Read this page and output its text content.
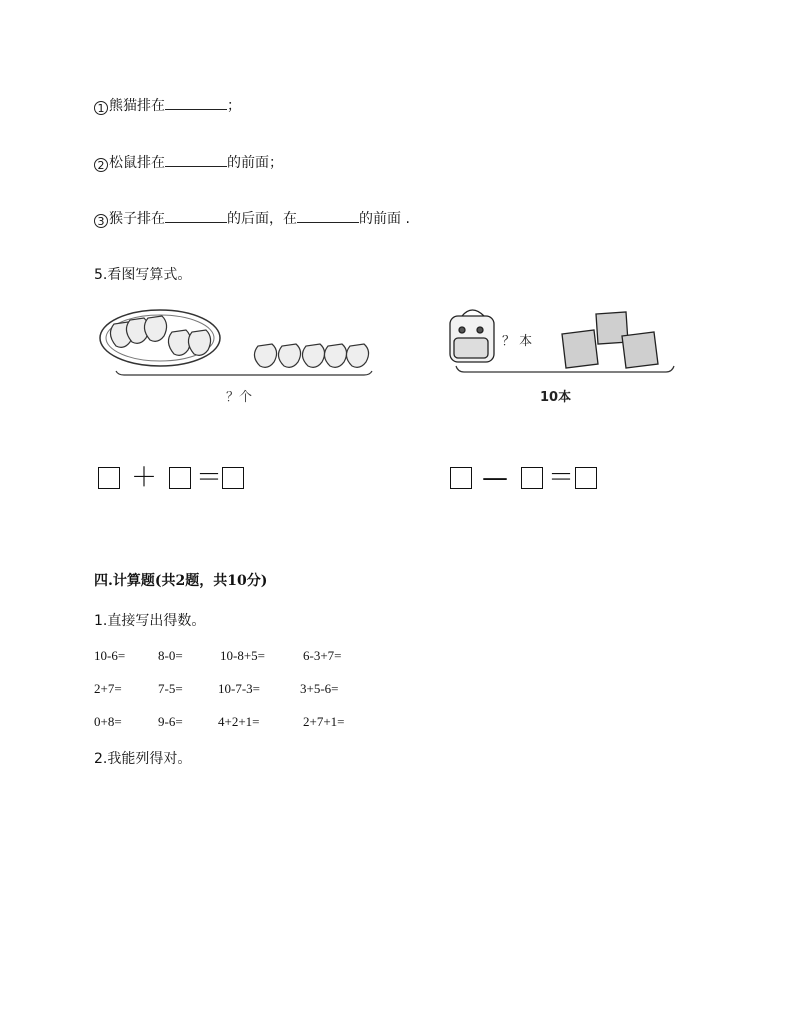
1 熊猫排在	；
2 松鼠排在	的前面；
3 猴子排在	的后面，在	的前面 .
5.看图写算式。
？个
？ 本
10本
＋ ＝	— ＝
四.计算题(共2题，共10分)
1.直接写出得数。
10-6=	8-0=	10-8+5=	6-3+7=
2+7=	7-5=	10-7-3=	3+5-6=
0+8=	9-6=	4+2+1=	2+7+1=
2.我能列得对。
